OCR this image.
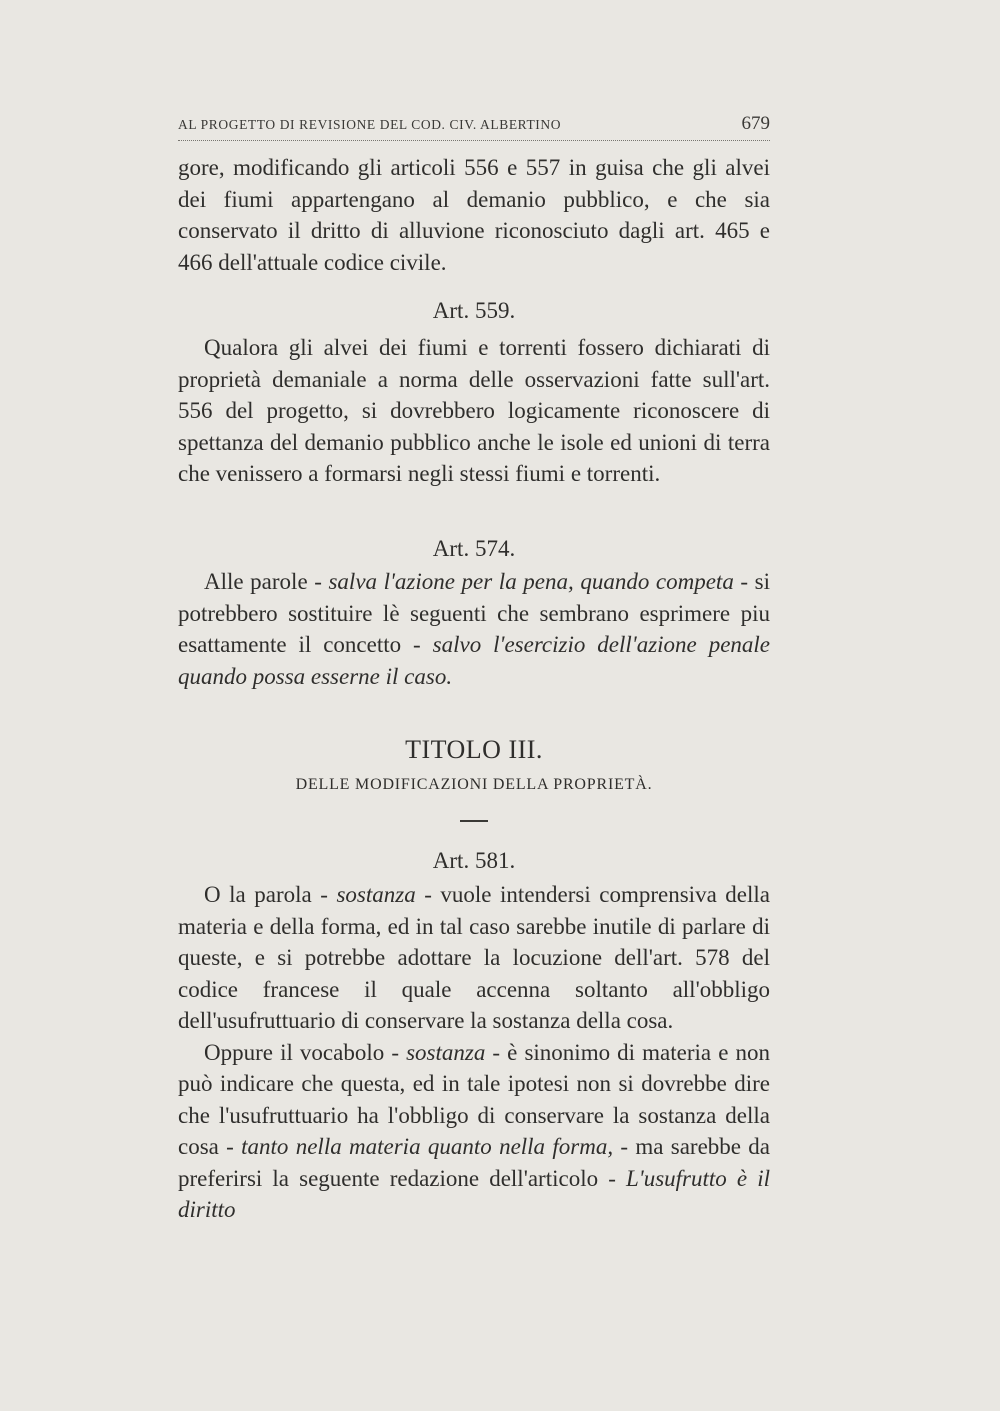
AL PROGETTO DI REVISIONE DEL COD. CIV. ALBERTINO	679

gore, modificando gli articoli 556 e 557 in guisa che gli alvei dei fiumi appartengano al demanio pubblico, e che sia conservato il dritto di alluvione riconosciuto dagli art. 465 e 466 dell'attuale codice civile.

Art. 559.

Qualora gli alvei dei fiumi e torrenti fossero dichiarati di proprietà demaniale a norma delle osservazioni fatte sull'art. 556 del progetto, si dovrebbero logicamente riconoscere di spettanza del demanio pubblico anche le isole ed unioni di terra che venissero a formarsi negli stessi fiumi e torrenti.

Art. 574.

Alle parole - salva l'azione per la pena, quando competa - si potrebbero sostituire lè seguenti che sembrano esprimere piu esattamente il concetto - salvo l'esercizio dell'azione penale quando possa esserne il caso.

TITOLO III.
DELLE MODIFICAZIONI DELLA PROPRIETÀ.
Art. 581.

O la parola - sostanza - vuole intendersi comprensiva della materia e della forma, ed in tal caso sarebbe inutile di parlare di queste, e si potrebbe adottare la locuzione dell'art. 578 del codice francese il quale accenna soltanto all'obbligo dell'usufruttuario di conservare la sostanza della cosa.

Oppure il vocabolo - sostanza - è sinonimo di materia e non può indicare che questa, ed in tale ipotesi non si dovrebbe dire che l'usufruttuario ha l'obbligo di conservare la sostanza della cosa - tanto nella materia quanto nella forma, - ma sarebbe da preferirsi la seguente redazione dell'articolo - L'usufrutto è il diritto
